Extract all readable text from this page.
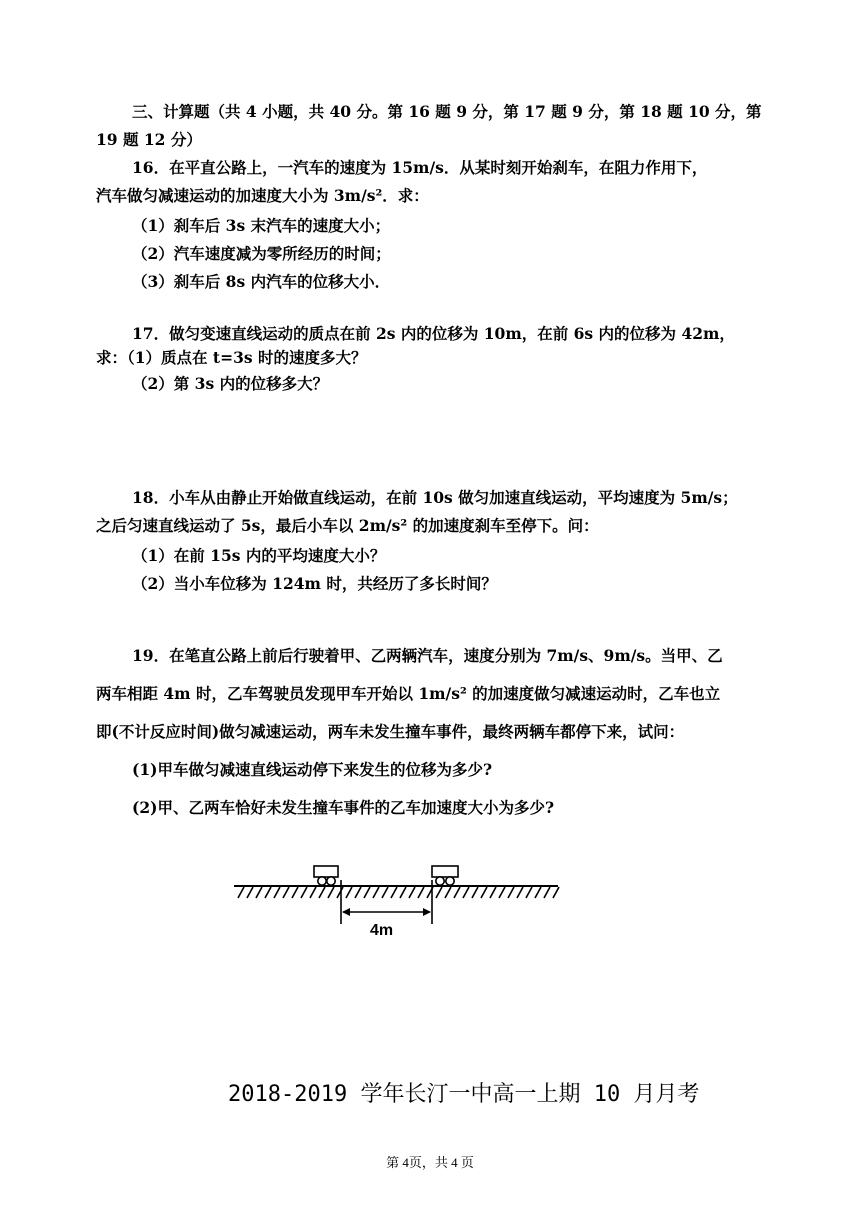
三、计算题（共 4 小题，共 40 分。第 16 题 9 分，第 17 题 9 分，第 18 题 10 分，第
19 题 12 分）
16．在平直公路上，一汽车的速度为 15m/s．从某时刻开始刹车，在阻力作用下，
汽车做匀减速运动的加速度大小为 3m/s²．求：
（1）刹车后 3s 末汽车的速度大小；
（2）汽车速度减为零所经历的时间；
（3）刹车后 8s 内汽车的位移大小．
17．做匀变速直线运动的质点在前 2s 内的位移为 10m，在前 6s 内的位移为 42m，
求：（1）质点在 t=3s 时的速度多大？
（2）第 3s 内的位移多大？
18．小车从由静止开始做直线运动，在前 10s 做匀加速直线运动，平均速度为 5m/s；
之后匀速直线运动了 5s，最后小车以 2m/s² 的加速度刹车至停下。问：
（1）在前 15s 内的平均速度大小？
（2）当小车位移为 124m 时，共经历了多长时间？
19．在笔直公路上前后行驶着甲、乙两辆汽车，速度分别为 7m/s、9m/s。当甲、乙
两车相距 4m 时，乙车驾驶员发现甲车开始以 1m/s² 的加速度做匀减速运动时，乙车也立
即(不计反应时间)做匀减速运动，两车未发生撞车事件，最终两辆车都停下来，试问：
(1)甲车做匀减速直线运动停下来发生的位移为多少?
(2)甲、乙两车恰好未发生撞车事件的乙车加速度大小为多少?
4m
2018-2019 学年长汀一中高一上期 10 月月考
第 4页，共 4 页
